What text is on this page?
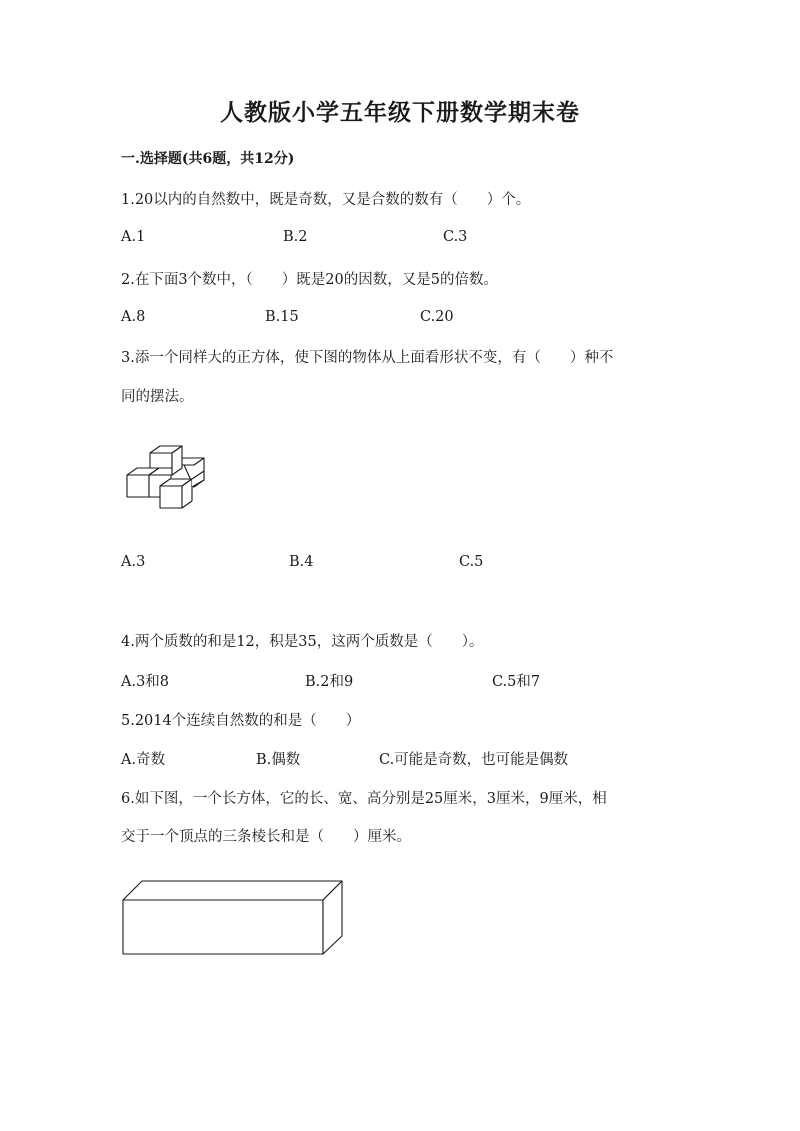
人教版小学五年级下册数学期末卷
一.选择题(共6题，共12分)
1.20以内的自然数中，既是奇数，又是合数的数有（　　）个。
A.1	B.2	C.3
2.在下面3个数中，（　　）既是20的因数，又是5的倍数。
A.8	B.15	C.20
3.添一个同样大的正方体，使下图的物体从上面看形状不变，有（　　）种不
同的摆法。
A.3	B.4	C.5
4.两个质数的和是12，积是35，这两个质数是（　　）。
A.3和8	B.2和9	C.5和7
5.2014个连续自然数的和是（　　）
A.奇数	B.偶数	C.可能是奇数，也可能是偶数
6.如下图，一个长方体，它的长、宽、高分别是25厘米，3厘米，9厘米，相
交于一个顶点的三条棱长和是（　　）厘米。
